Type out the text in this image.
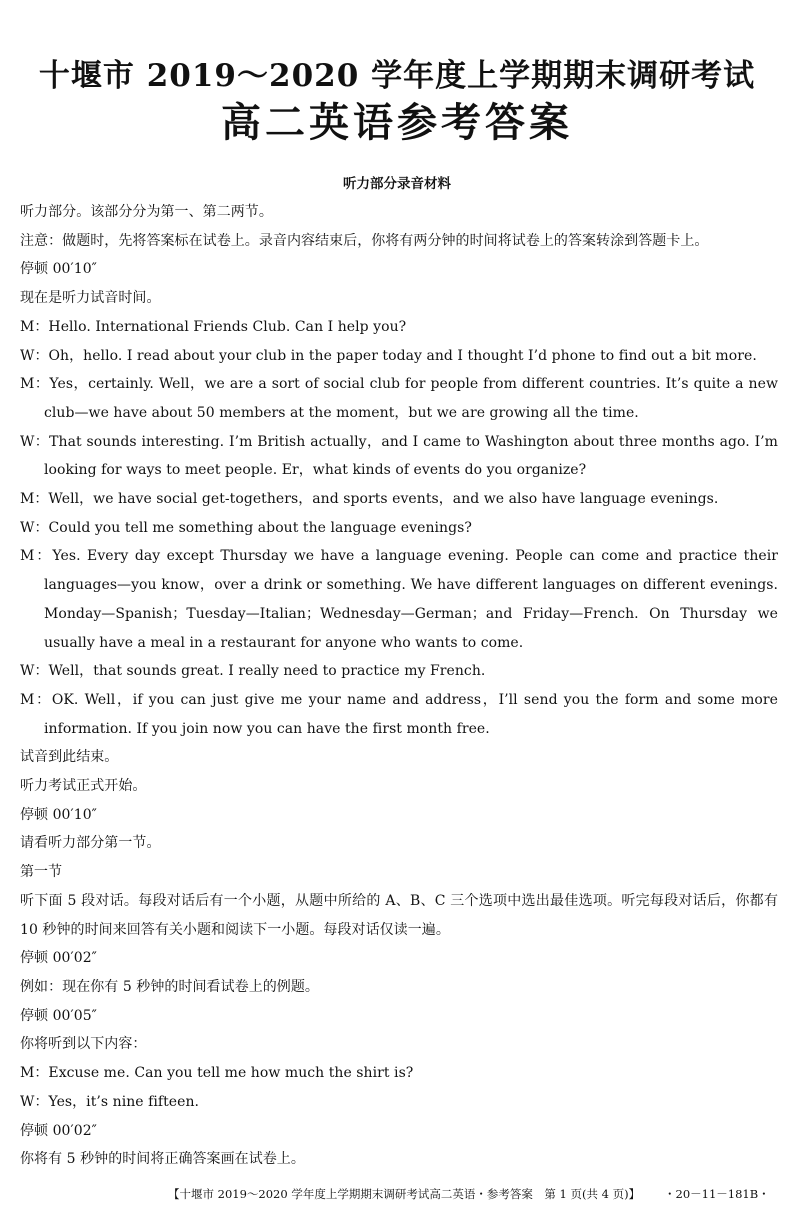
十堰市 2019～2020 学年度上学期期末调研考试
高二英语参考答案
听力部分录音材料

听力部分。该部分分为第一、第二两节。

注意：做题时，先将答案标在试卷上。录音内容结束后，你将有两分钟的时间将试卷上的答案转涂到答题卡上。

停顿 00′10″

现在是听力试音时间。

M：Hello. International Friends Club. Can I help you?

W：Oh，hello. I read about your club in the paper today and I thought I’d phone to find out a bit more.

M：Yes，certainly. Well，we are a sort of social club for people from different countries. It’s quite a new club—we have about 50 members at the moment，but we are growing all the time.

W：That sounds interesting. I’m British actually，and I came to Washington about three months ago. I’m looking for ways to meet people. Er，what kinds of events do you organize?

M：Well，we have social get-togethers，and sports events，and we also have language evenings.

W：Could you tell me something about the language evenings?

M：Yes. Every day except Thursday we have a language evening. People can come and practice their languages—you know，over a drink or something. We have different languages on different evenings. Monday—Spanish；Tuesday—Italian；Wednesday—German；and Friday—French. On Thursday we usually have a meal in a restaurant for anyone who wants to come.

W：Well，that sounds great. I really need to practice my French.

M：OK. Well，if you can just give me your name and address，I’ll send you the form and some more information. If you join now you can have the first month free.

试音到此结束。

听力考试正式开始。

停顿 00′10″

请看听力部分第一节。

第一节

听下面 5 段对话。每段对话后有一个小题，从题中所给的 A、B、C 三个选项中选出最佳选项。听完每段对话后，你都有 10 秒钟的时间来回答有关小题和阅读下一小题。每段对话仅读一遍。

停顿 00′02″

例如：现在你有 5 秒钟的时间看试卷上的例题。

停顿 00′05″

你将听到以下内容：

M：Excuse me. Can you tell me how much the shirt is?

W：Yes，it’s nine fifteen.

停顿 00′02″

你将有 5 秒钟的时间将正确答案画在试卷上。

【十堰市 2019～2020 学年度上学期期末调研考试高二英语・参考答案　第 1 页(共 4 页)】 ・20－11－181B・
